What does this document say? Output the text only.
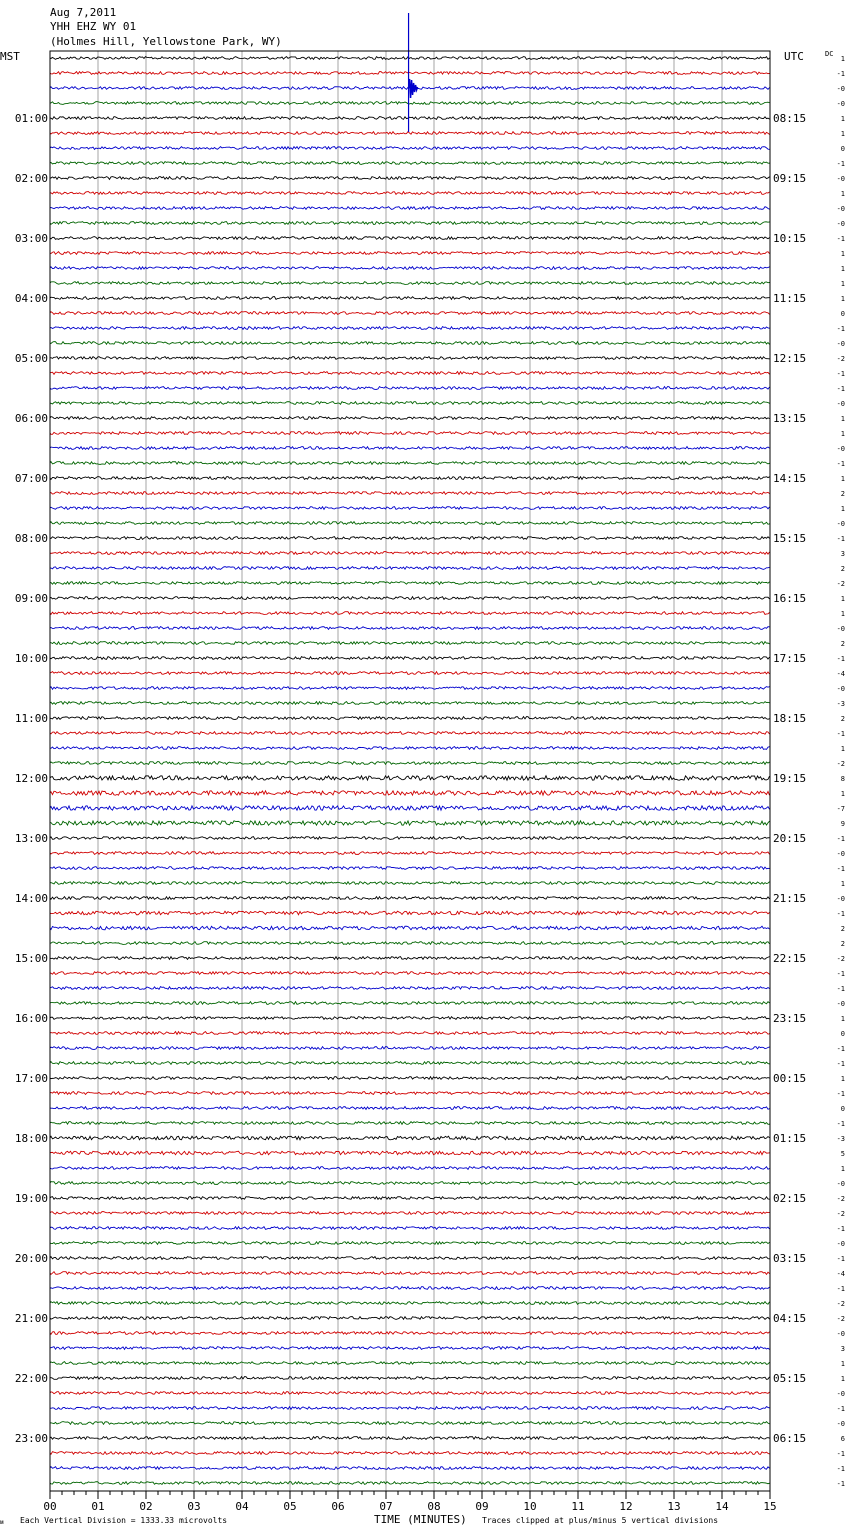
Aug 7,2011
YHH EHZ WY 01
(Holmes Hill, Yellowstone Park, WY)
MST	UTC	DC
00	01	02	03	04	05	06	07	08	09	10	11	12	13	14	15
01:00
02:00
03:00
04:00
05:00
06:00
07:00
08:00
09:00
10:00
11:00
12:00
13:00
14:00
15:00
16:00
17:00
18:00
19:00
20:00
21:00
22:00
23:00
08:15
09:15
10:15
11:15
12:15
13:15
14:15
15:15
16:15
17:15
18:15
19:15
20:15
21:15
22:15
23:15
00:15
01:15
02:15
03:15
04:15
05:15
06:15
1
-1
-0
-0
1
1
0
-1
-0
1
-0
-0
-1
1
1
1
1
0
-1
-0
-2
-1
-1
-0
1
1
-0
-1
1
2
1
-0
-1
3
2
-2
1
1
-0
2
-1
-4
-0
-3
2
-1
1
-2
8
1
-7
9
-1
-0
-1
1
-0
-1
2
2
-2
-1
-1
-0
1
0
-1
-1
1
-1
0
-1
-3
5
1
-0
-2
-2
-1
-0
-1
-4
-1
-2
-2
-0
3
1
1
-0
-1
-0
6
-1
-1
-1
ᴍ Each Vertical Division = 1333.33 microvolts	TIME (MINUTES) Traces clipped at plus/minus 5 vertical divisions
